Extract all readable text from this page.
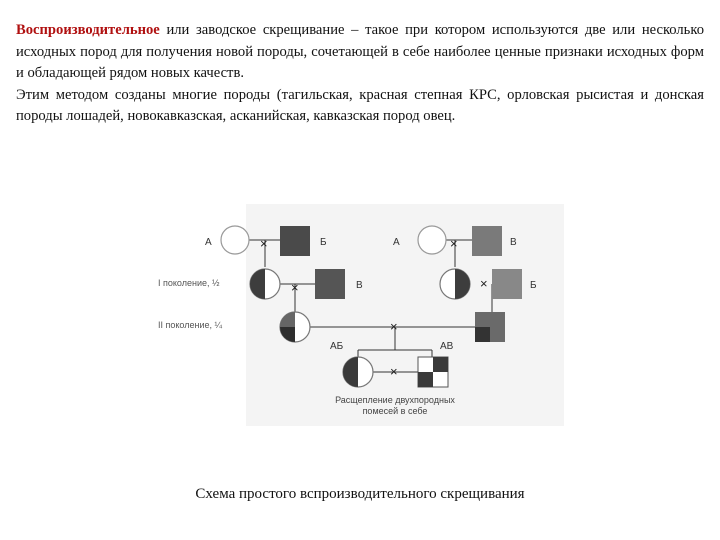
Воспроизводительное или заводское скрещивание – такое при котором используются две или несколько исходных пород для получения новой породы, сочетающей в себе наиболее ценные признаки исходных форм и обладающей рядом новых качеств.

Этим методом созданы многие породы (тагильская, красная степная КРС, орловская рысистая и донская породы лошадей, новокавказская, асканийская, кавказская пород овец.

А	×	Б	А	×	В
I поколение, ½	×	В	×	Б
II поколение, ¼	×
АБ	АВ
×
Расщепление двухпородных
помесей в себе
Схема простого вспроизводительного скрещивания
